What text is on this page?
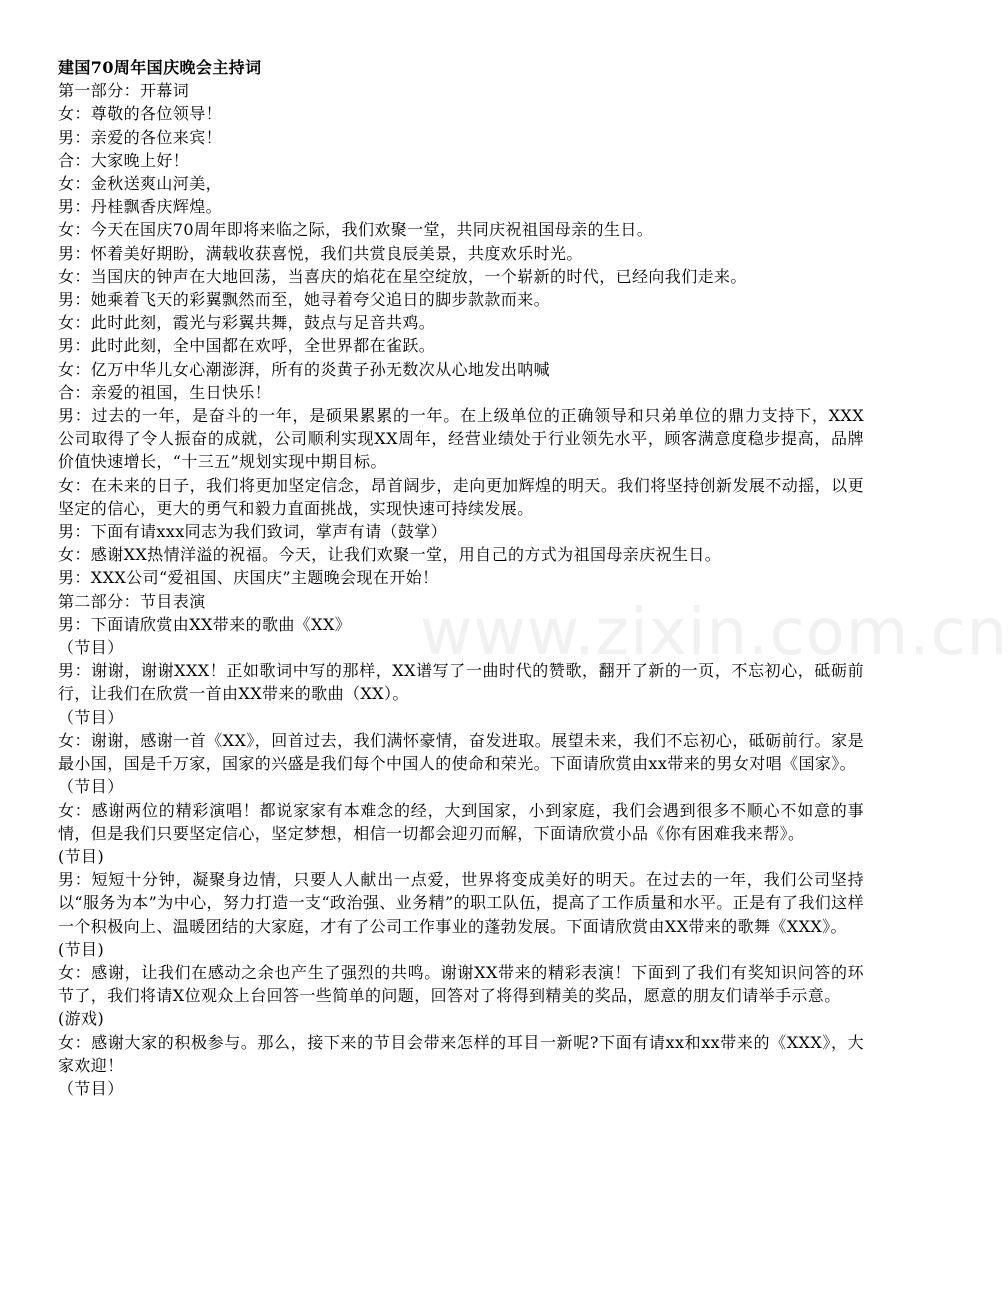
www.zixin.com.cn

建国70周年国庆晚会主持词

第一部分：开幕词

女：尊敬的各位领导！

男：亲爱的各位来宾！

合：大家晚上好！

女：金秋送爽山河美，

男：丹桂飘香庆辉煌。

女：今天在国庆70周年即将来临之际，我们欢聚一堂，共同庆祝祖国母亲的生日。

男：怀着美好期盼，满载收获喜悦，我们共赏良辰美景，共度欢乐时光。

女：当国庆的钟声在大地回荡，当喜庆的焰花在星空绽放，一个崭新的时代，已经向我们走来。

男：她乘着飞天的彩翼飘然而至，她寻着夸父追日的脚步款款而来。

女：此时此刻，霞光与彩翼共舞，鼓点与足音共鸡。

男：此时此刻，全中国都在欢呼，全世界都在雀跃。

女：亿万中华儿女心潮澎湃，所有的炎黄子孙无数次从心地发出呐喊

合：亲爱的祖国，生日快乐！

男：过去的一年，是奋斗的一年，是硕果累累的一年。在上级单位的正确领导和只弟单位的鼎力支持下，XXX公司取得了令人振奋的成就，公司顺利实现XX周年，经营业绩处于行业领先水平，顾客满意度稳步提高，品牌价值快速增长，“十三五”规划实现中期目标。

女：在未来的日子，我们将更加坚定信念，昂首阔步，走向更加辉煌的明天。我们将坚持创新发展不动摇，以更坚定的信心，更大的勇气和毅力直面挑战，实现快速可持续发展。

男：下面有请xxx同志为我们致词，掌声有请（鼓掌）

女：感谢XX热情洋溢的祝福。今天，让我们欢聚一堂，用自己的方式为祖国母亲庆祝生日。

男：XXX公司“爱祖国、庆国庆”主题晚会现在开始！

第二部分：节目表演

男：下面请欣赏由XX带来的歌曲《XX》

（节目）

男：谢谢，谢谢XXX！正如歌词中写的那样，XX谱写了一曲时代的赞歌，翻开了新的一页，不忘初心，砥砺前行，让我们在欣赏一首由XX带来的歌曲（XX）。

（节目）

女：谢谢，感谢一首《XX》，回首过去，我们满怀豪情，奋发进取。展望未来，我们不忘初心，砥砺前行。家是最小国，国是千万家，国家的兴盛是我们每个中国人的使命和荣光。下面请欣赏由xx带来的男女对唱《国家》。

（节目）

女：感谢两位的精彩演唱！都说家家有本难念的经，大到国家，小到家庭，我们会遇到很多不顺心不如意的事情，但是我们只要坚定信心，坚定梦想，相信一切都会迎刃而解，下面请欣赏小品《你有困难我来帮》。

(节目)

男：短短十分钟，凝聚身边情，只要人人献出一点爱，世界将变成美好的明天。在过去的一年，我们公司坚持以“服务为本”为中心，努力打造一支“政治强、业务精”的职工队伍，提高了工作质量和水平。正是有了我们这样一个积极向上、温暖团结的大家庭，才有了公司工作事业的蓬勃发展。下面请欣赏由XX带来的歌舞《XXX》。

(节目)

女：感谢，让我们在感动之余也产生了强烈的共鸣。谢谢XX带来的精彩表演！下面到了我们有奖知识问答的环节了，我们将请X位观众上台回答一些简单的问题，回答对了将得到精美的奖品，愿意的朋友们请举手示意。

(游戏)

女：感谢大家的积极参与。那么，接下来的节目会带来怎样的耳目一新呢?下面有请xx和xx带来的《XXX》，大家欢迎！

（节目）
